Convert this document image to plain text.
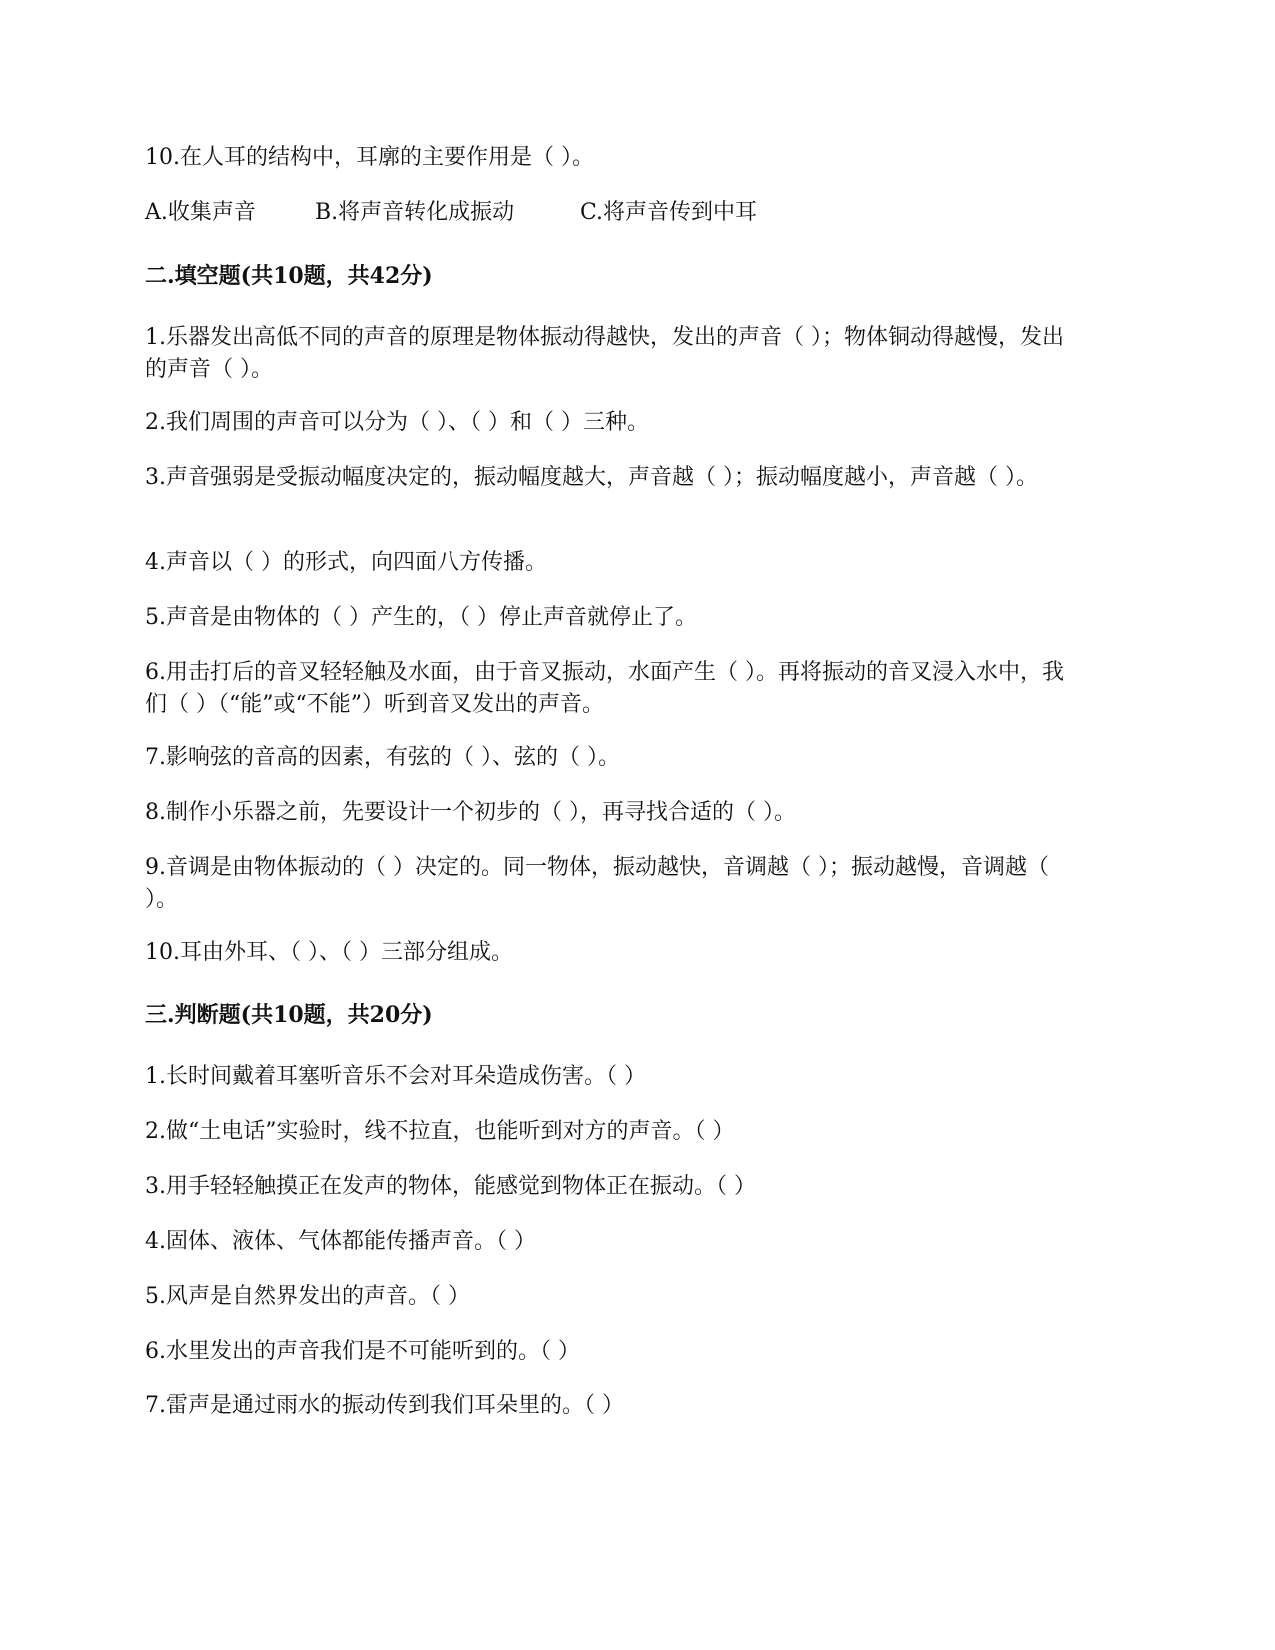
10.在人耳的结构中，耳廓的主要作用是（ ）。
A.收集声音	B.将声音转化成振动	C.将声音传到中耳
二.填空题(共10题，共42分)
1.乐器发出高低不同的声音的原理是物体振动得越快，发出的声音（ ）；物体铜动得越慢，发出的声音（ ）。
2.我们周围的声音可以分为（ ）、（ ）和（ ）三种。
3.声音强弱是受振动幅度决定的，振动幅度越大，声音越（ ）；振动幅度越小，声音越（ ）。
4.声音以（ ）的形式，向四面八方传播。
5.声音是由物体的（ ）产生的，（ ）停止声音就停止了。
6.用击打后的音叉轻轻触及水面，由于音叉振动，水面产生（ ）。再将振动的音叉浸入水中，我们（ ）（“能”或“不能”）听到音叉发出的声音。
7.影响弦的音高的因素，有弦的（ ）、弦的（ ）。
8.制作小乐器之前，先要设计一个初步的（ ），再寻找合适的（ ）。
9.音调是由物体振动的（ ）决定的。同一物体，振动越快，音调越（ ）；振动越慢，音调越（ ）。
10.耳由外耳、（ ）、（ ）三部分组成。
三.判断题(共10题，共20分)
1.长时间戴着耳塞听音乐不会对耳朵造成伤害。（ ）
2.做“土电话”实验时，线不拉直，也能听到对方的声音。（ ）
3.用手轻轻触摸正在发声的物体，能感觉到物体正在振动。（ ）
4.固体、液体、气体都能传播声音。（ ）
5.风声是自然界发出的声音。（ ）
6.水里发出的声音我们是不可能听到的。（ ）
7.雷声是通过雨水的振动传到我们耳朵里的。（ ）
